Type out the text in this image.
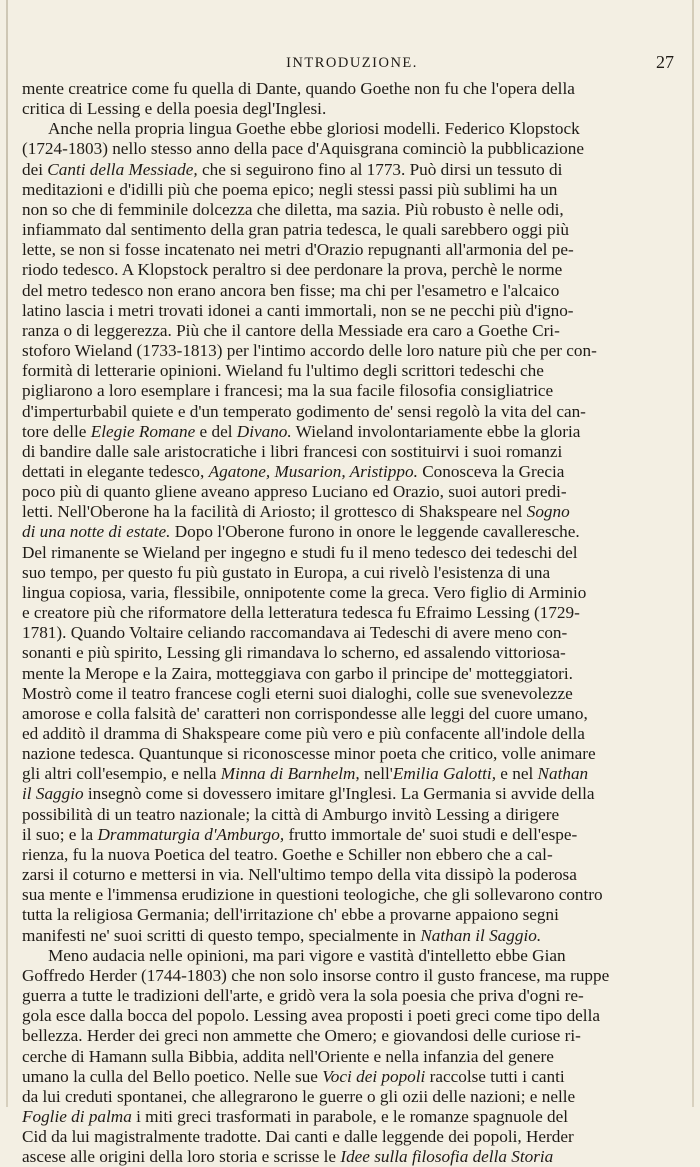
INTRODUZIONE.	27
mente creatrice come fu quella di Dante, quando Goethe non fu che l'opera della
critica di Lessing e della poesia degl'Inglesi.
Anche nella propria lingua Goethe ebbe gloriosi modelli. Federico Klopstock
(1724-1803) nello stesso anno della pace d'Aquisgrana cominciò la pubblicazione
dei Canti della Messiade, che si seguirono fino al 1773. Può dirsi un tessuto di
meditazioni e d'idilli più che poema epico; negli stessi passi più sublimi ha un
non so che di femminile dolcezza che diletta, ma sazia. Più robusto è nelle odi,
infiammato dal sentimento della gran patria tedesca, le quali sarebbero oggi più
lette, se non si fosse incatenato nei metri d'Orazio repugnanti all'armonia del pe-
riodo tedesco. A Klopstock peraltro si dee perdonare la prova, perchè le norme
del metro tedesco non erano ancora ben fisse; ma chi per l'esametro e l'alcaico
latino lascia i metri trovati idonei a canti immortali, non se ne pecchi più d'igno-
ranza o di leggerezza. Più che il cantore della Messiade era caro a Goethe Cri-
stoforo Wieland (1733-1813) per l'intimo accordo delle loro nature più che per con-
formità di letterarie opinioni. Wieland fu l'ultimo degli scrittori tedeschi che
pigliarono a loro esemplare i francesi; ma la sua facile filosofia consigliatrice
d'imperturbabil quiete e d'un temperato godimento de' sensi regolò la vita del can-
tore delle Elegie Romane e del Divano. Wieland involontariamente ebbe la gloria
di bandire dalle sale aristocratiche i libri francesi con sostituirvi i suoi romanzi
dettati in elegante tedesco, Agatone, Musarion, Aristippo. Conosceva la Grecia
poco più di quanto gliene aveano appreso Luciano ed Orazio, suoi autori predi-
letti. Nell'Oberone ha la facilità di Ariosto; il grottesco di Shakspeare nel Sogno
di una notte di estate. Dopo l'Oberone furono in onore le leggende cavalleresche.
Del rimanente se Wieland per ingegno e studi fu il meno tedesco dei tedeschi del
suo tempo, per questo fu più gustato in Europa, a cui rivelò l'esistenza di una
lingua copiosa, varia, flessibile, onnipotente come la greca. Vero figlio di Arminio
e creatore più che riformatore della letteratura tedesca fu Efraimo Lessing (1729-
1781). Quando Voltaire celiando raccomandava ai Tedeschi di avere meno con-
sonanti e più spirito, Lessing gli rimandava lo scherno, ed assalendo vittoriosa-
mente la Merope e la Zaira, motteggiava con garbo il principe de' motteggiatori.
Mostrò come il teatro francese cogli eterni suoi dialoghi, colle sue svenevolezze
amorose e colla falsità de' caratteri non corrispondesse alle leggi del cuore umano,
ed additò il dramma di Shakspeare come più vero e più confacente all'indole della
nazione tedesca. Quantunque si riconoscesse minor poeta che critico, volle animare
gli altri coll'esempio, e nella Minna di Barnhelm, nell'Emilia Galotti, e nel Nathan
il Saggio insegnò come si dovessero imitare gl'Inglesi. La Germania si avvide della
possibilità di un teatro nazionale; la città di Amburgo invitò Lessing a dirigere
il suo; e la Drammaturgia d'Amburgo, frutto immortale de' suoi studi e dell'espe-
rienza, fu la nuova Poetica del teatro. Goethe e Schiller non ebbero che a cal-
zarsi il coturno e mettersi in via. Nell'ultimo tempo della vita dissipò la poderosa
sua mente e l'immensa erudizione in questioni teologiche, che gli sollevarono contro
tutta la religiosa Germania; dell'irritazione ch' ebbe a provarne appaiono segni
manifesti ne' suoi scritti di questo tempo, specialmente in Nathan il Saggio.
Meno audacia nelle opinioni, ma pari vigore e vastità d'intelletto ebbe Gian
Goffredo Herder (1744-1803) che non solo insorse contro il gusto francese, ma ruppe
guerra a tutte le tradizioni dell'arte, e gridò vera la sola poesia che priva d'ogni re-
gola esce dalla bocca del popolo. Lessing avea proposti i poeti greci come tipo della
bellezza. Herder dei greci non ammette che Omero; e giovandosi delle curiose ri-
cerche di Hamann sulla Bibbia, addita nell'Oriente e nella infanzia del genere
umano la culla del Bello poetico. Nelle sue Voci dei popoli raccolse tutti i canti
da lui creduti spontanei, che allegrarono le guerre o gli ozii delle nazioni; e nelle
Foglie di palma i miti greci trasformati in parabole, e le romanze spagnuole del
Cid da lui magistralmente tradotte. Dai canti e dalle leggende dei popoli, Herder
ascese alle origini della loro storia e scrisse le Idee sulla filosofia della Storia
